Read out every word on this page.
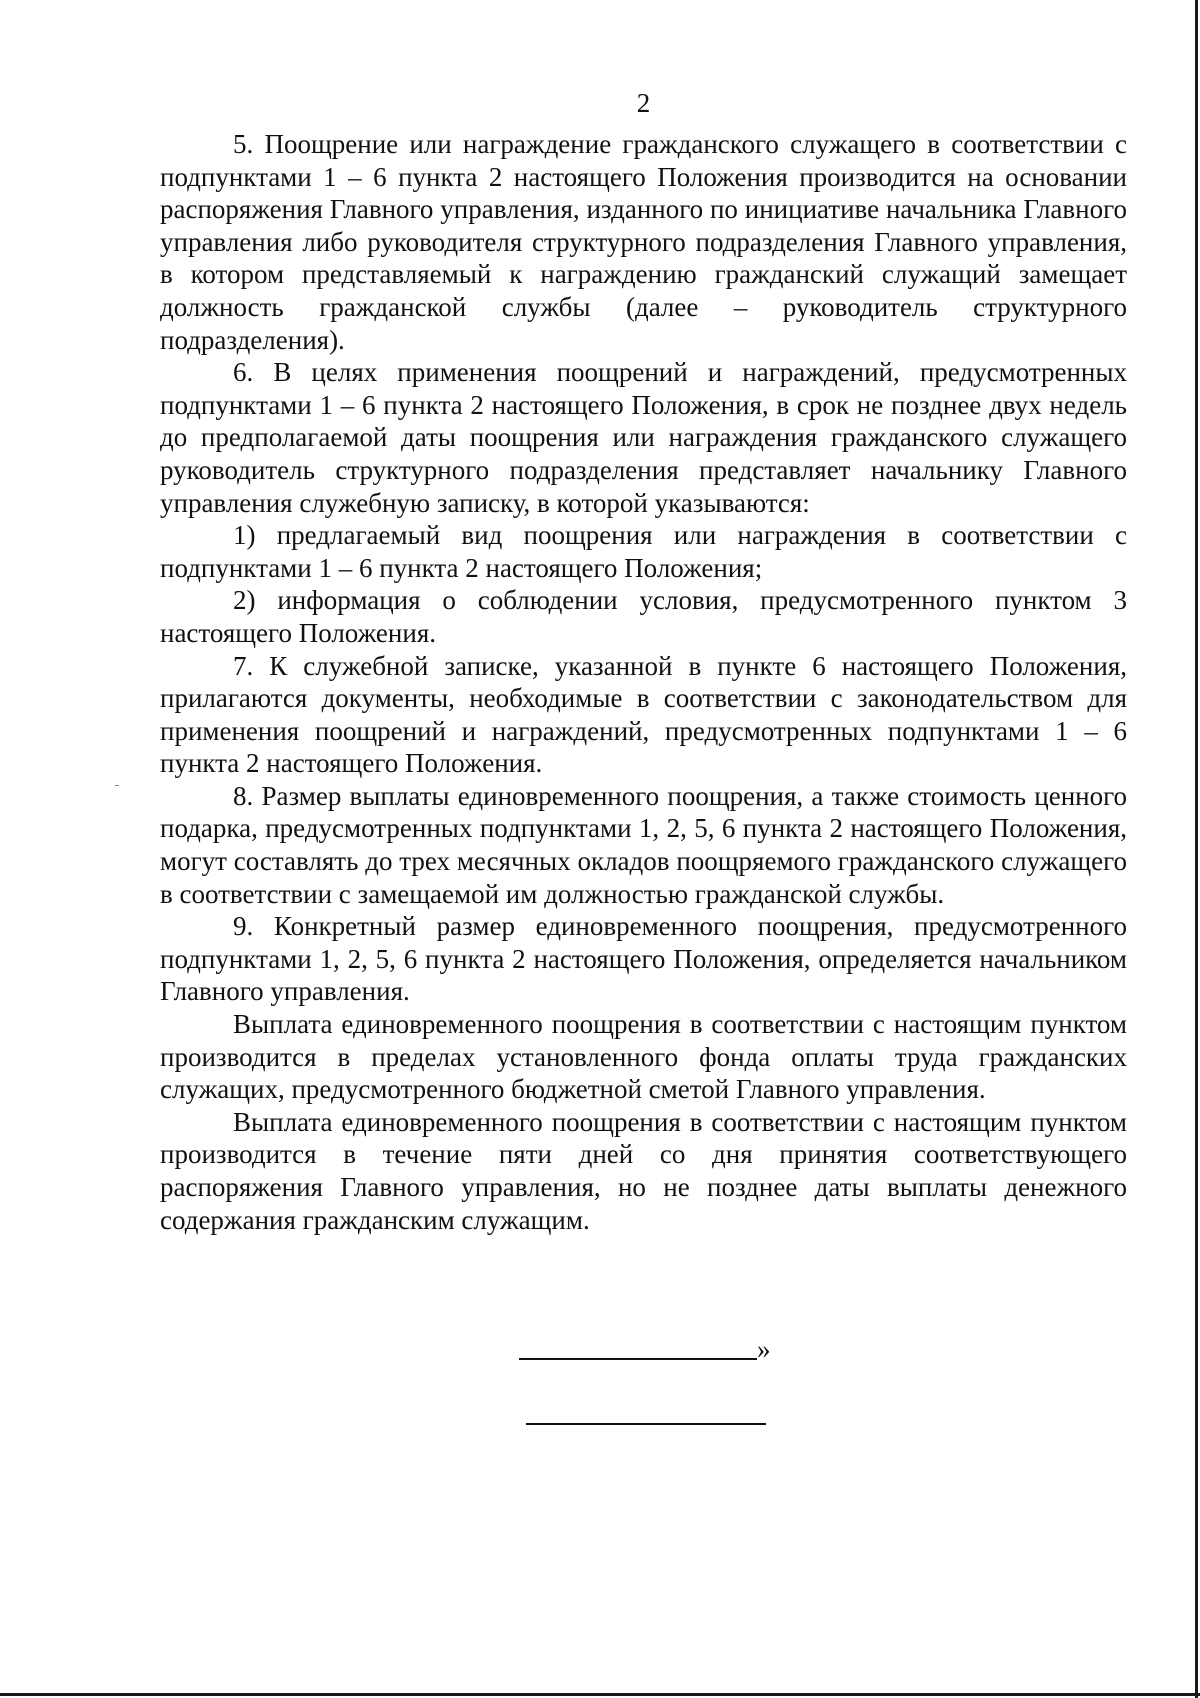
2

5. Поощрение или награждение гражданского служащего в соответствии с подпунктами 1 – 6 пункта 2 настоящего Положения производится на основании распоряжения Главного управления, изданного по инициативе начальника Главного управления либо руководителя структурного подразделения Главного управления, в котором представляемый к награждению гражданский служащий замещает должность гражданской службы (далее – руководитель структурного подразделения).

6. В целях применения поощрений и награждений, предусмотренных подпунктами 1 – 6 пункта 2 настоящего Положения, в срок не позднее двух недель до предполагаемой даты поощрения или награждения гражданского служащего руководитель структурного подразделения представляет начальнику Главного управления служебную записку, в которой указываются:

1) предлагаемый вид поощрения или награждения в соответствии с подпунктами 1 – 6 пункта 2 настоящего Положения;

2) информация о соблюдении условия, предусмотренного пунктом 3 настоящего Положения.

7. К служебной записке, указанной в пункте 6 настоящего Положения, прилагаются документы, необходимые в соответствии с законодательством для применения поощрений и награждений, предусмотренных подпунктами 1 – 6 пункта 2 настоящего Положения.

8. Размер выплаты единовременного поощрения, а также стоимость ценного подарка, предусмотренных подпунктами 1, 2, 5, 6 пункта 2 настоящего Положения, могут составлять до трех месячных окладов поощряемого гражданского служащего в соответствии с замещаемой им должностью гражданской службы.

9. Конкретный размер единовременного поощрения, предусмотренного подпунктами 1, 2, 5, 6 пункта 2 настоящего Положения, определяется начальником Главного управления.

Выплата единовременного поощрения в соответствии с настоящим пунктом производится в пределах установленного фонда оплаты труда гражданских служащих, предусмотренного бюджетной сметой Главного управления.

Выплата единовременного поощрения в соответствии с настоящим пунктом производится в течение пяти дней со дня принятия соответствующего распоряжения Главного управления, но не позднее даты выплаты денежного содержания гражданским служащим.

»
